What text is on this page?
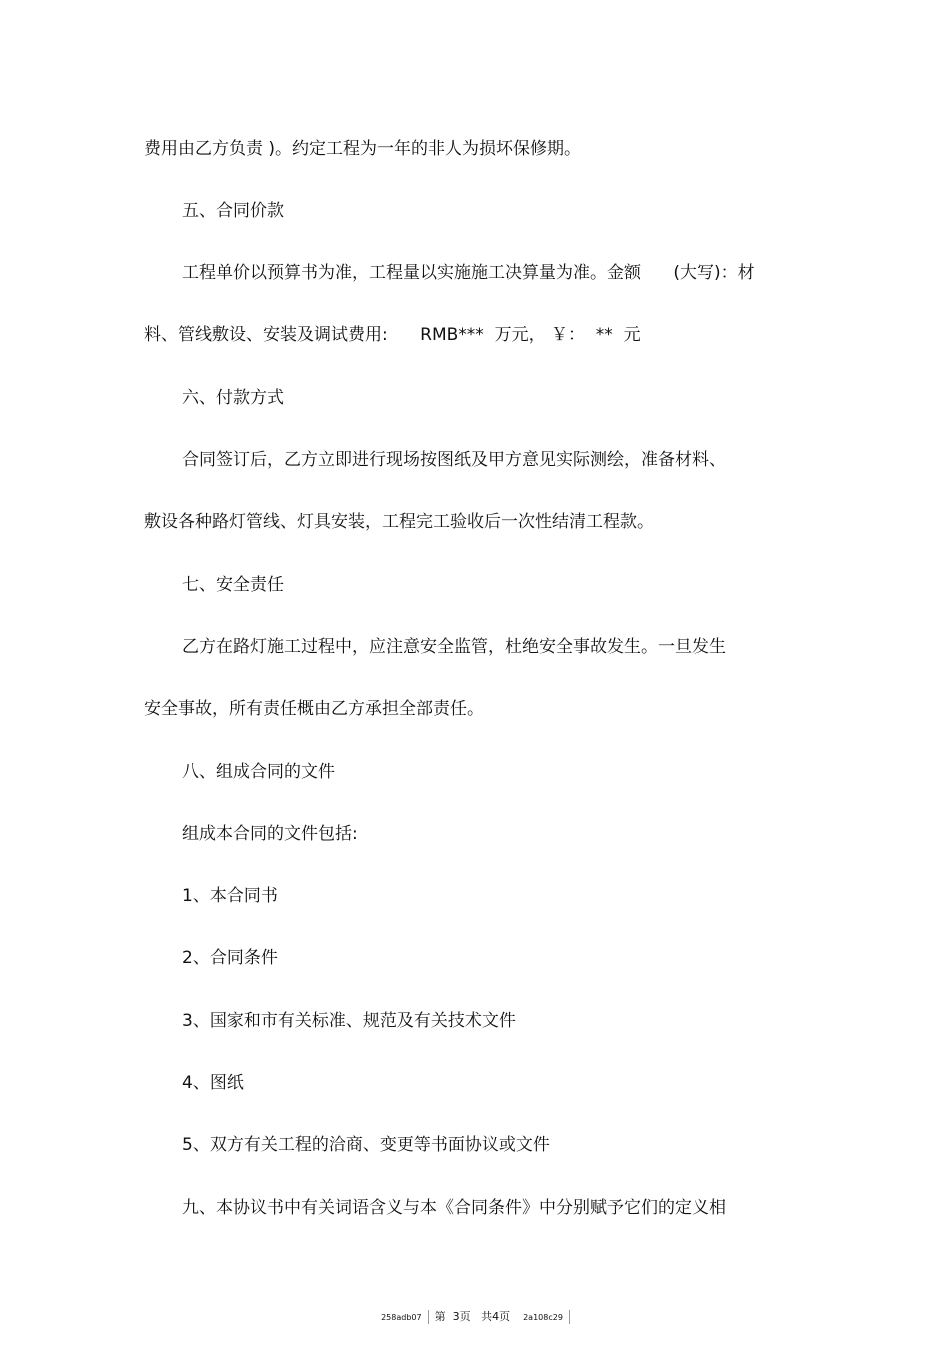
费用由乙方负责 )。约定工程为一年的非人为损坏保修期。
五、合同价款
工程单价以预算书为准，工程量以实施施工决算量为准。金额      (大写)：材
料、管线敷设、安装及调试费用:      RMB***  万元， ￥：  **  元
六、付款方式
合同签订后，乙方立即进行现场按图纸及甲方意见实际测绘，准备材料、
敷设各种路灯管线、灯具安装，工程完工验收后一次性结清工程款。
七、安全责任
乙方在路灯施工过程中，应注意安全监管，杜绝安全事故发生。一旦发生
安全事故，所有责任概由乙方承担全部责任。
八、组成合同的文件
组成本合同的文件包括:
1、本合同书
2、合同条件
3、国家和市有关标准、规范及有关技术文件
4、图纸
5、双方有关工程的洽商、变更等书面协议或文件
九、本协议书中有关词语含义与本《合同条件》中分别赋予它们的定义相

258adb07 第  3页   共4页 2a108c29
